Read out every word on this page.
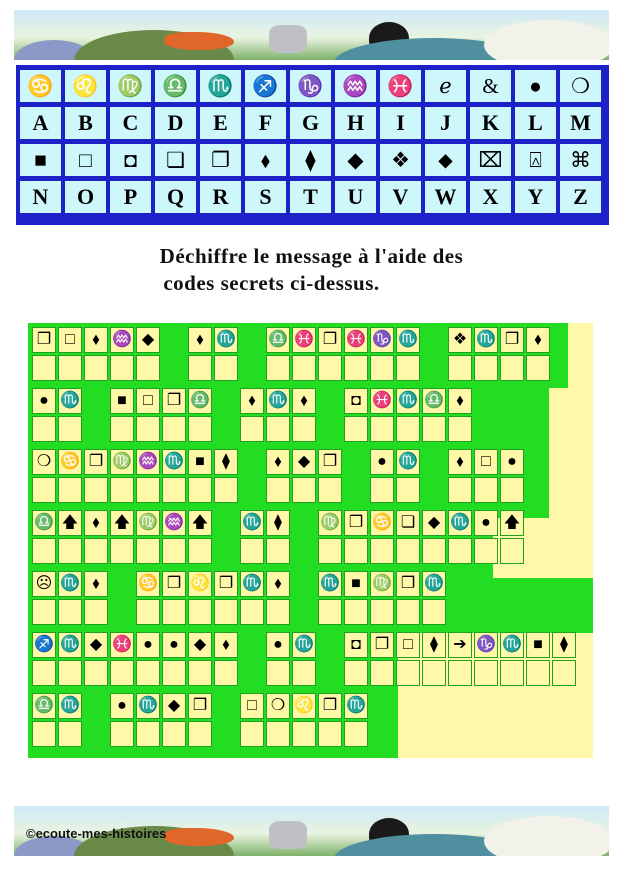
♋ ♌ ♍ ♎ ♏ ♐ ♑ ♒ ♓	ℯ	&	●	❍
A	B	C	D	E	F	G	H	I	J	K	L	M
■	□	◘	❏	❐	⬧	⧫	◆	❖	⬥	⌧	⍓	⌘
N	O	P	Q	R	S	T	U	V	W	X	Y	Z
Déchiffre le message à l'aide des
codes secrets ci-dessus.
❐ □	⬧ ♒ ◆	⬧ ♏ ♎ ♓ ❐ ♓ ♑ ♏	❖ ♏ ❐ ⬧
● ♏	■	□ ❐ ♎	⬧ ♏ ⬧	◘ ♓ ♏ ♎ ⬧
❍ ♋ ❐ ♍ ♒ ♏ ■	⧫	⬧	◆ ❐	● ♏	⬧	□	●
♎ 🡅 ⬧ 🡅 ♍ ♒ 🡅 ♏ ⧫	♍ ❐ ♋ ❏ ◆ ♏ ● 🡅
☹ ♏ ⬧	♋ ❐ ♌ ❐ ♏ ⬧	♏ ■ ♍ ❐ ♏
♐ ♏ ◆ ♓ ●	● ◆	⬧	● ♏	◘ ❐ □	⧫ ➔ ♑ ♏ ■	⧫
♎ ♏	● ♏ ◆ ❐	□ ❍ ♌ ❐ ♏
©ecoute-mes-histoires
